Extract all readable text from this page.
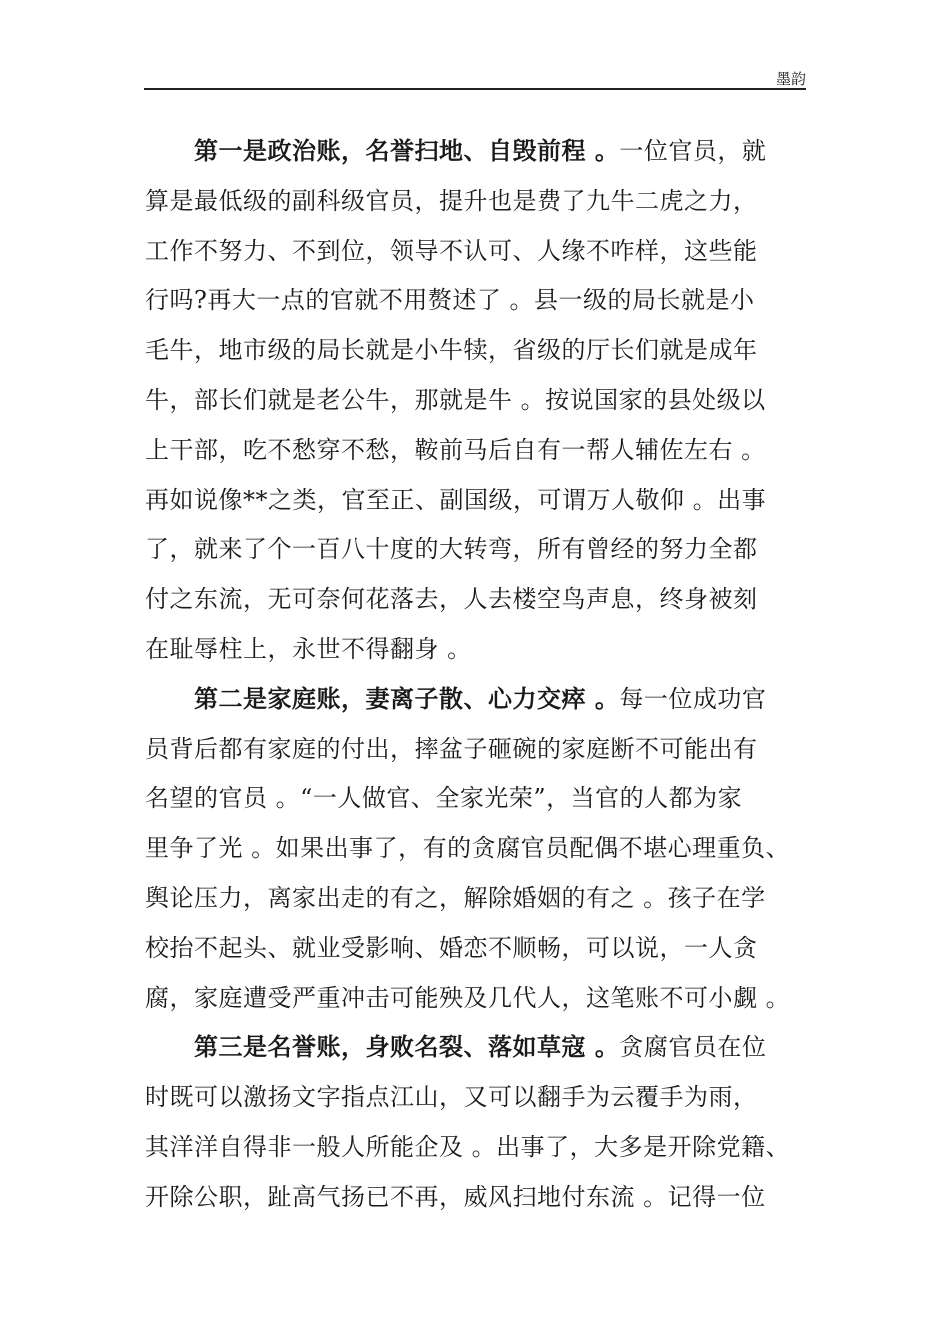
墨韵
第一是政治账，名誉扫地、自毁前程 。一位官员，就
算是最低级的副科级官员，提升也是费了九牛二虎之力，
工作不努力、不到位，领导不认可、人缘不咋样，这些能
行吗?再大一点的官就不用赘述了 。县一级的局长就是小
毛牛，地市级的局长就是小牛犊，省级的厅长们就是成年
牛，部长们就是老公牛，那就是牛 。按说国家的县处级以
上干部，吃不愁穿不愁，鞍前马后自有一帮人辅佐左右 。
再如说像**之类，官至正、副国级，可谓万人敬仰 。出事
了，就来了个一百八十度的大转弯，所有曾经的努力全都
付之东流，无可奈何花落去，人去楼空鸟声息，终身被刻
在耻辱柱上，永世不得翻身 。
第二是家庭账，妻离子散、心力交瘁 。每一位成功官
员背后都有家庭的付出，摔盆子砸碗的家庭断不可能出有
名望的官员 。“一人做官、全家光荣”，当官的人都为家
里争了光 。如果出事了，有的贪腐官员配偶不堪心理重负、
舆论压力，离家出走的有之，解除婚姻的有之 。孩子在学
校抬不起头、就业受影响、婚恋不顺畅，可以说，一人贪
腐，家庭遭受严重冲击可能殃及几代人，这笔账不可小觑 。
第三是名誉账，身败名裂、落如草寇 。贪腐官员在位
时既可以激扬文字指点江山，又可以翻手为云覆手为雨，
其洋洋自得非一般人所能企及 。出事了，大多是开除党籍、
开除公职，趾高气扬已不再，威风扫地付东流 。记得一位
